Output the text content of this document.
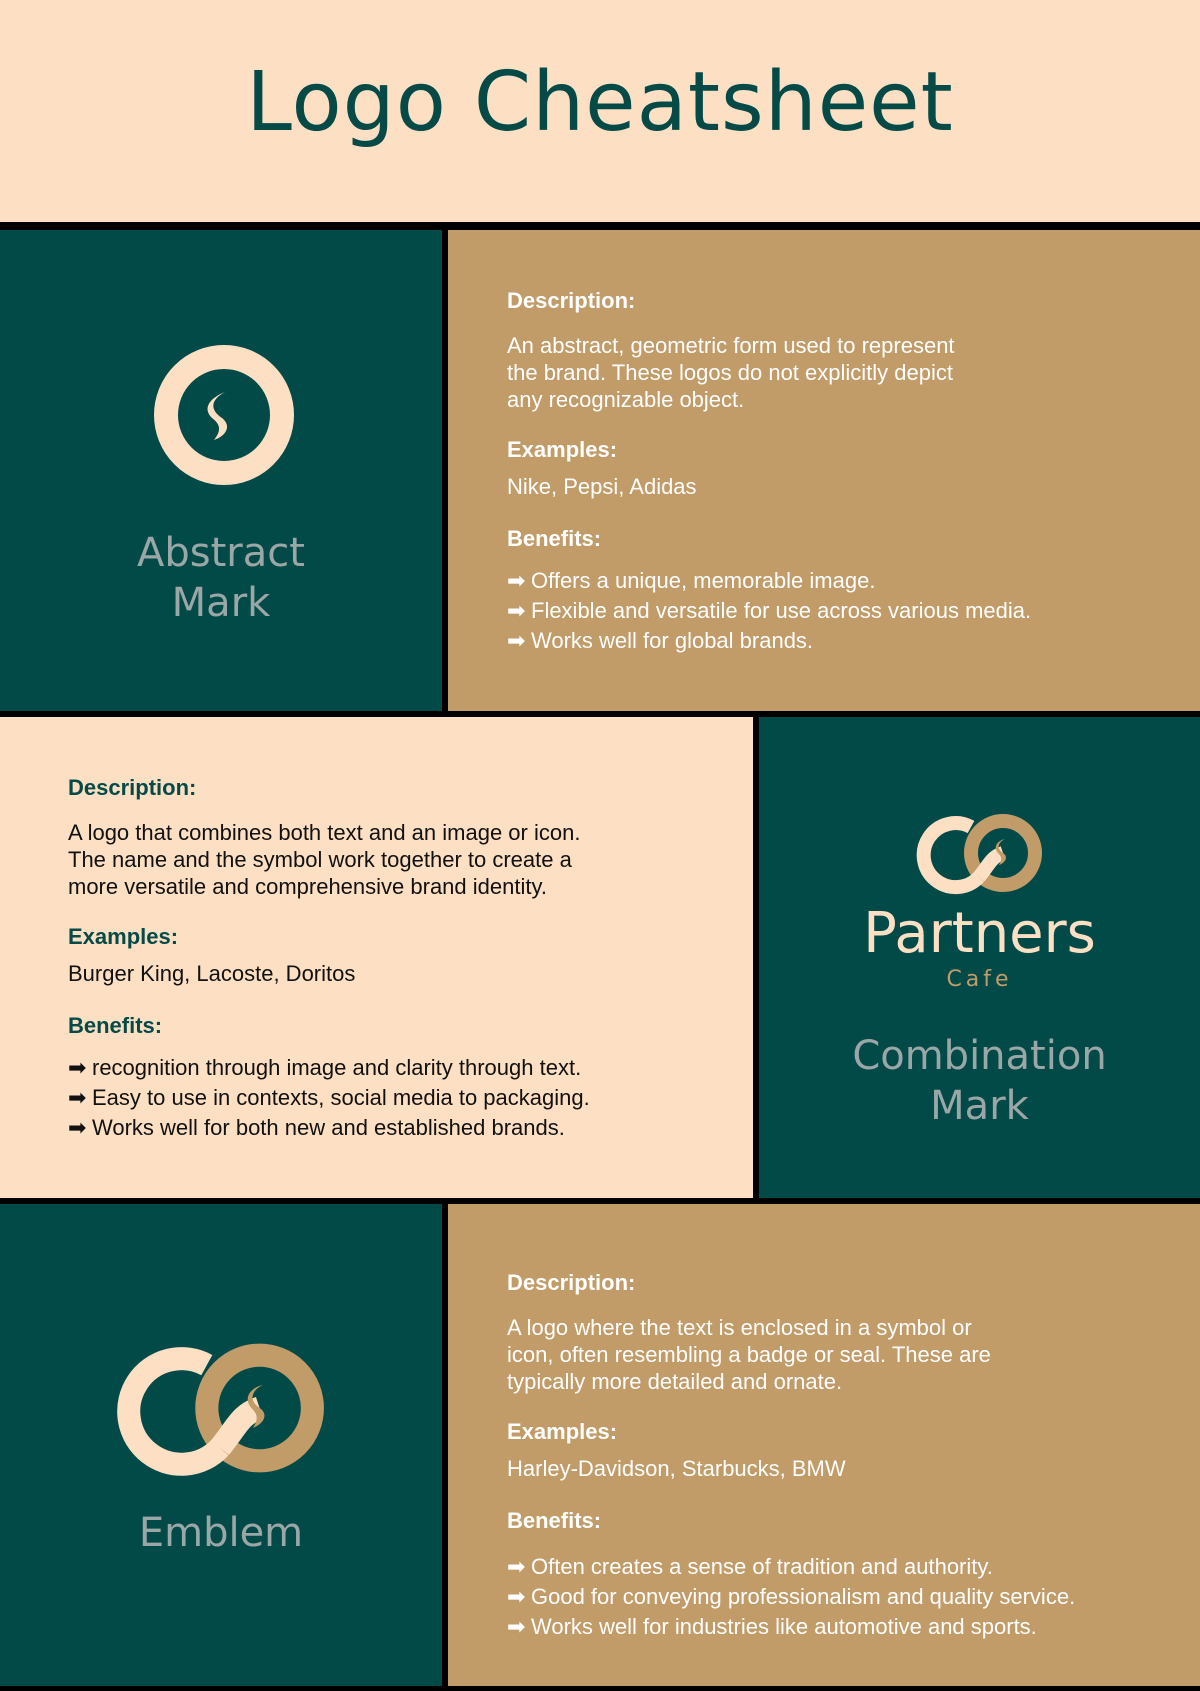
Logo Cheatsheet
Abstract
Mark

Description:

An abstract, geometric form used to represent

the brand. These logos do not explicitly depict

any recognizable object.

Examples:

Nike, Pepsi, Adidas

Benefits:

➡ Offers a unique, memorable image.
➡ Flexible and versatile for use across various media.
➡ Works well for global brands.

Description:

A logo that combines both text and an image or icon.

The name and the symbol work together to create a

more versatile and comprehensive brand identity.

Examples:

Burger King, Lacoste, Doritos

Benefits:

➡ recognition through image and clarity through text.
➡ Easy to use in contexts, social media to packaging.
➡ Works well for both new and established brands.
Partners
Cafe
Combination
Mark
Emblem

Description:

A logo where the text is enclosed in a symbol or

icon, often resembling a badge or seal. These are

typically more detailed and ornate.

Examples:

Harley-Davidson, Starbucks, BMW

Benefits:

➡ Often creates a sense of tradition and authority.
➡ Good for conveying professionalism and quality service.
➡ Works well for industries like automotive and sports.
